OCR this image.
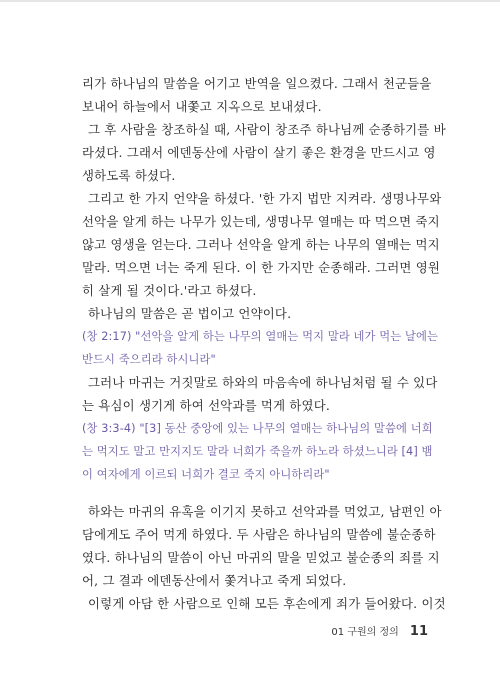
리가 하나님의 말씀을 어기고 반역을 일으켰다. 그래서 천군들을
보내어 하늘에서 내쫓고 지옥으로 보내셨다.
그 후 사람을 창조하실 때, 사람이 창조주 하나님께 순종하기를 바
라셨다. 그래서 에덴동산에 사람이 살기 좋은 환경을 만드시고 영
생하도록 하셨다.
그리고 한 가지 언약을 하셨다. '한 가지 법만 지켜라. 생명나무와
선악을 알게 하는 나무가 있는데, 생명나무 열매는 따 먹으면 죽지
않고 영생을 얻는다. 그러나 선악을 알게 하는 나무의 열매는 먹지
말라. 먹으면 너는 죽게 된다. 이 한 가지만 순종해라. 그러면 영원
히 살게 될 것이다.'라고 하셨다.
하나님의 말씀은 곧 법이고 언약이다.
(창 2:17) "선악을 알게 하는 나무의 열매는 먹지 말라 네가 먹는 날에는
반드시 죽으리라 하시니라"
그러나 마귀는 거짓말로 하와의 마음속에 하나님처럼 될 수 있다
는 욕심이 생기게 하여 선악과를 먹게 하였다.
(창 3:3-4) "[3] 동산 중앙에 있는 나무의 열매는 하나님의 말씀에 너희
는 먹지도 말고 만지지도 말라 너희가 죽을까 하노라 하셨느니라 [4] 뱀
이 여자에게 이르되 너희가 결코 죽지 아니하리라"
하와는 마귀의 유혹을 이기지 못하고 선악과를 먹었고, 남편인 아
담에게도 주어 먹게 하였다. 두 사람은 하나님의 말씀에 불순종하
였다. 하나님의 말씀이 아닌 마귀의 말을 믿었고 불순종의 죄를 지
어, 그 결과 에덴동산에서 쫓겨나고 죽게 되었다.
이렇게 아담 한 사람으로 인해 모든 후손에게 죄가 들어왔다. 이것
01 구원의 정의 11
